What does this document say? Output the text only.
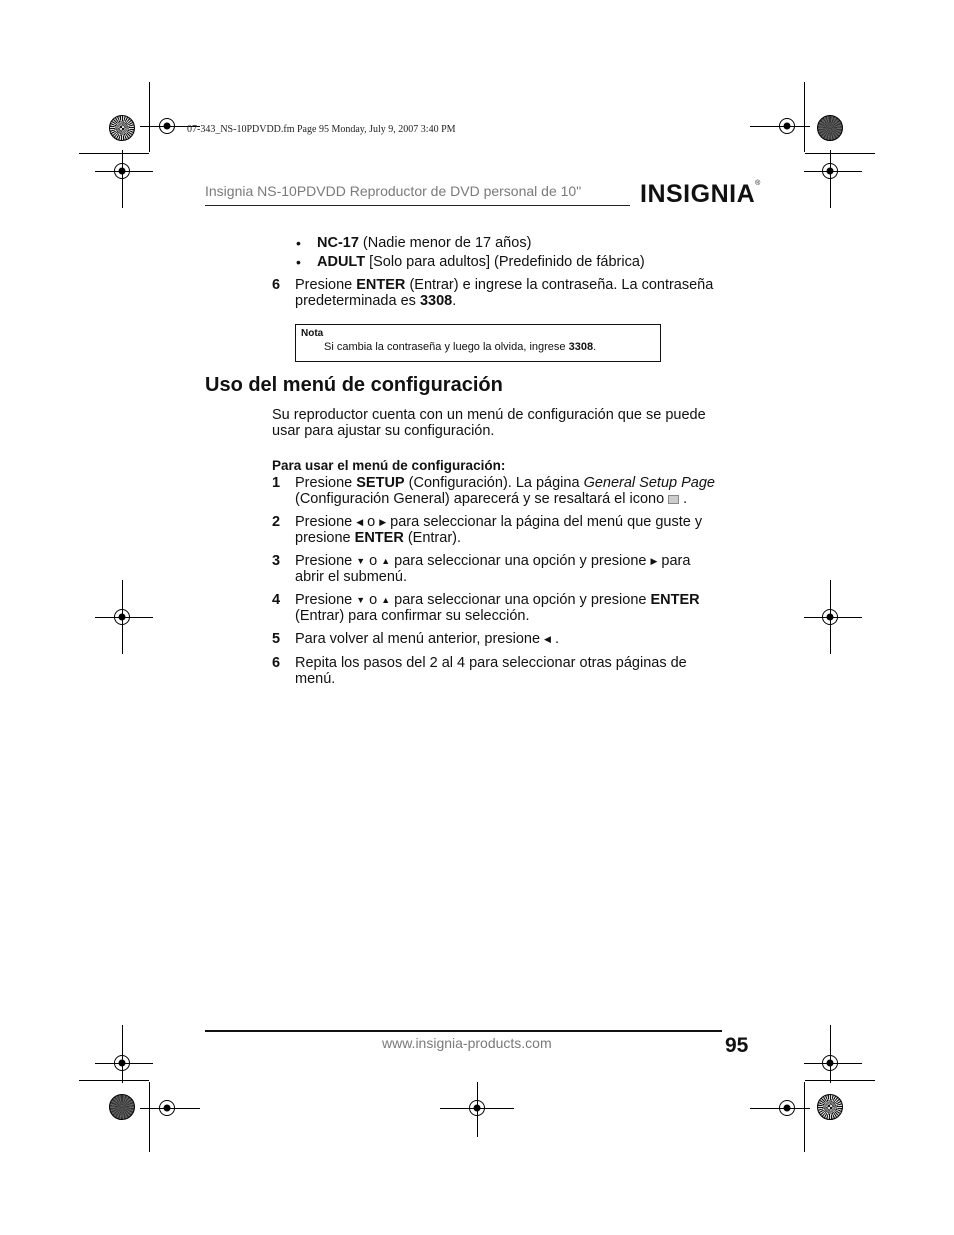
07-343_NS-10PDVDD.fm Page 95 Monday, July 9, 2007 3:40 PM
Insignia NS-10PDVDD Reproductor de DVD personal de 10" INSIGNIA®
• NC-17 (Nadie menor de 17 años)
• ADULT [Solo para adultos] (Predefinido de fábrica)
6 Presione ENTER (Entrar) e ingrese la contraseña. La contraseña
predeterminada es 3308.
Nota
Si cambia la contraseña y luego la olvida, ingrese 3308.
Uso del menú de configuración
Su reproductor cuenta con un menú de configuración que se puede
usar para ajustar su configuración.
Para usar el menú de configuración:
1 Presione SETUP (Configuración). La página General Setup Page
(Configuración General) aparecerá y se resaltará el icono .
2 Presione ◀ o ▶ para seleccionar la página del menú que guste y
presione ENTER (Entrar).
3 Presione ▼ o ▲ para seleccionar una opción y presione ▶ para
abrir el submenú.
4 Presione ▼ o ▲ para seleccionar una opción y presione ENTER
(Entrar) para confirmar su selección.
5 Para volver al menú anterior, presione ◀ .
6 Repita los pasos del 2 al 4 para seleccionar otras páginas de
menú.
www.insignia-products.com	95
